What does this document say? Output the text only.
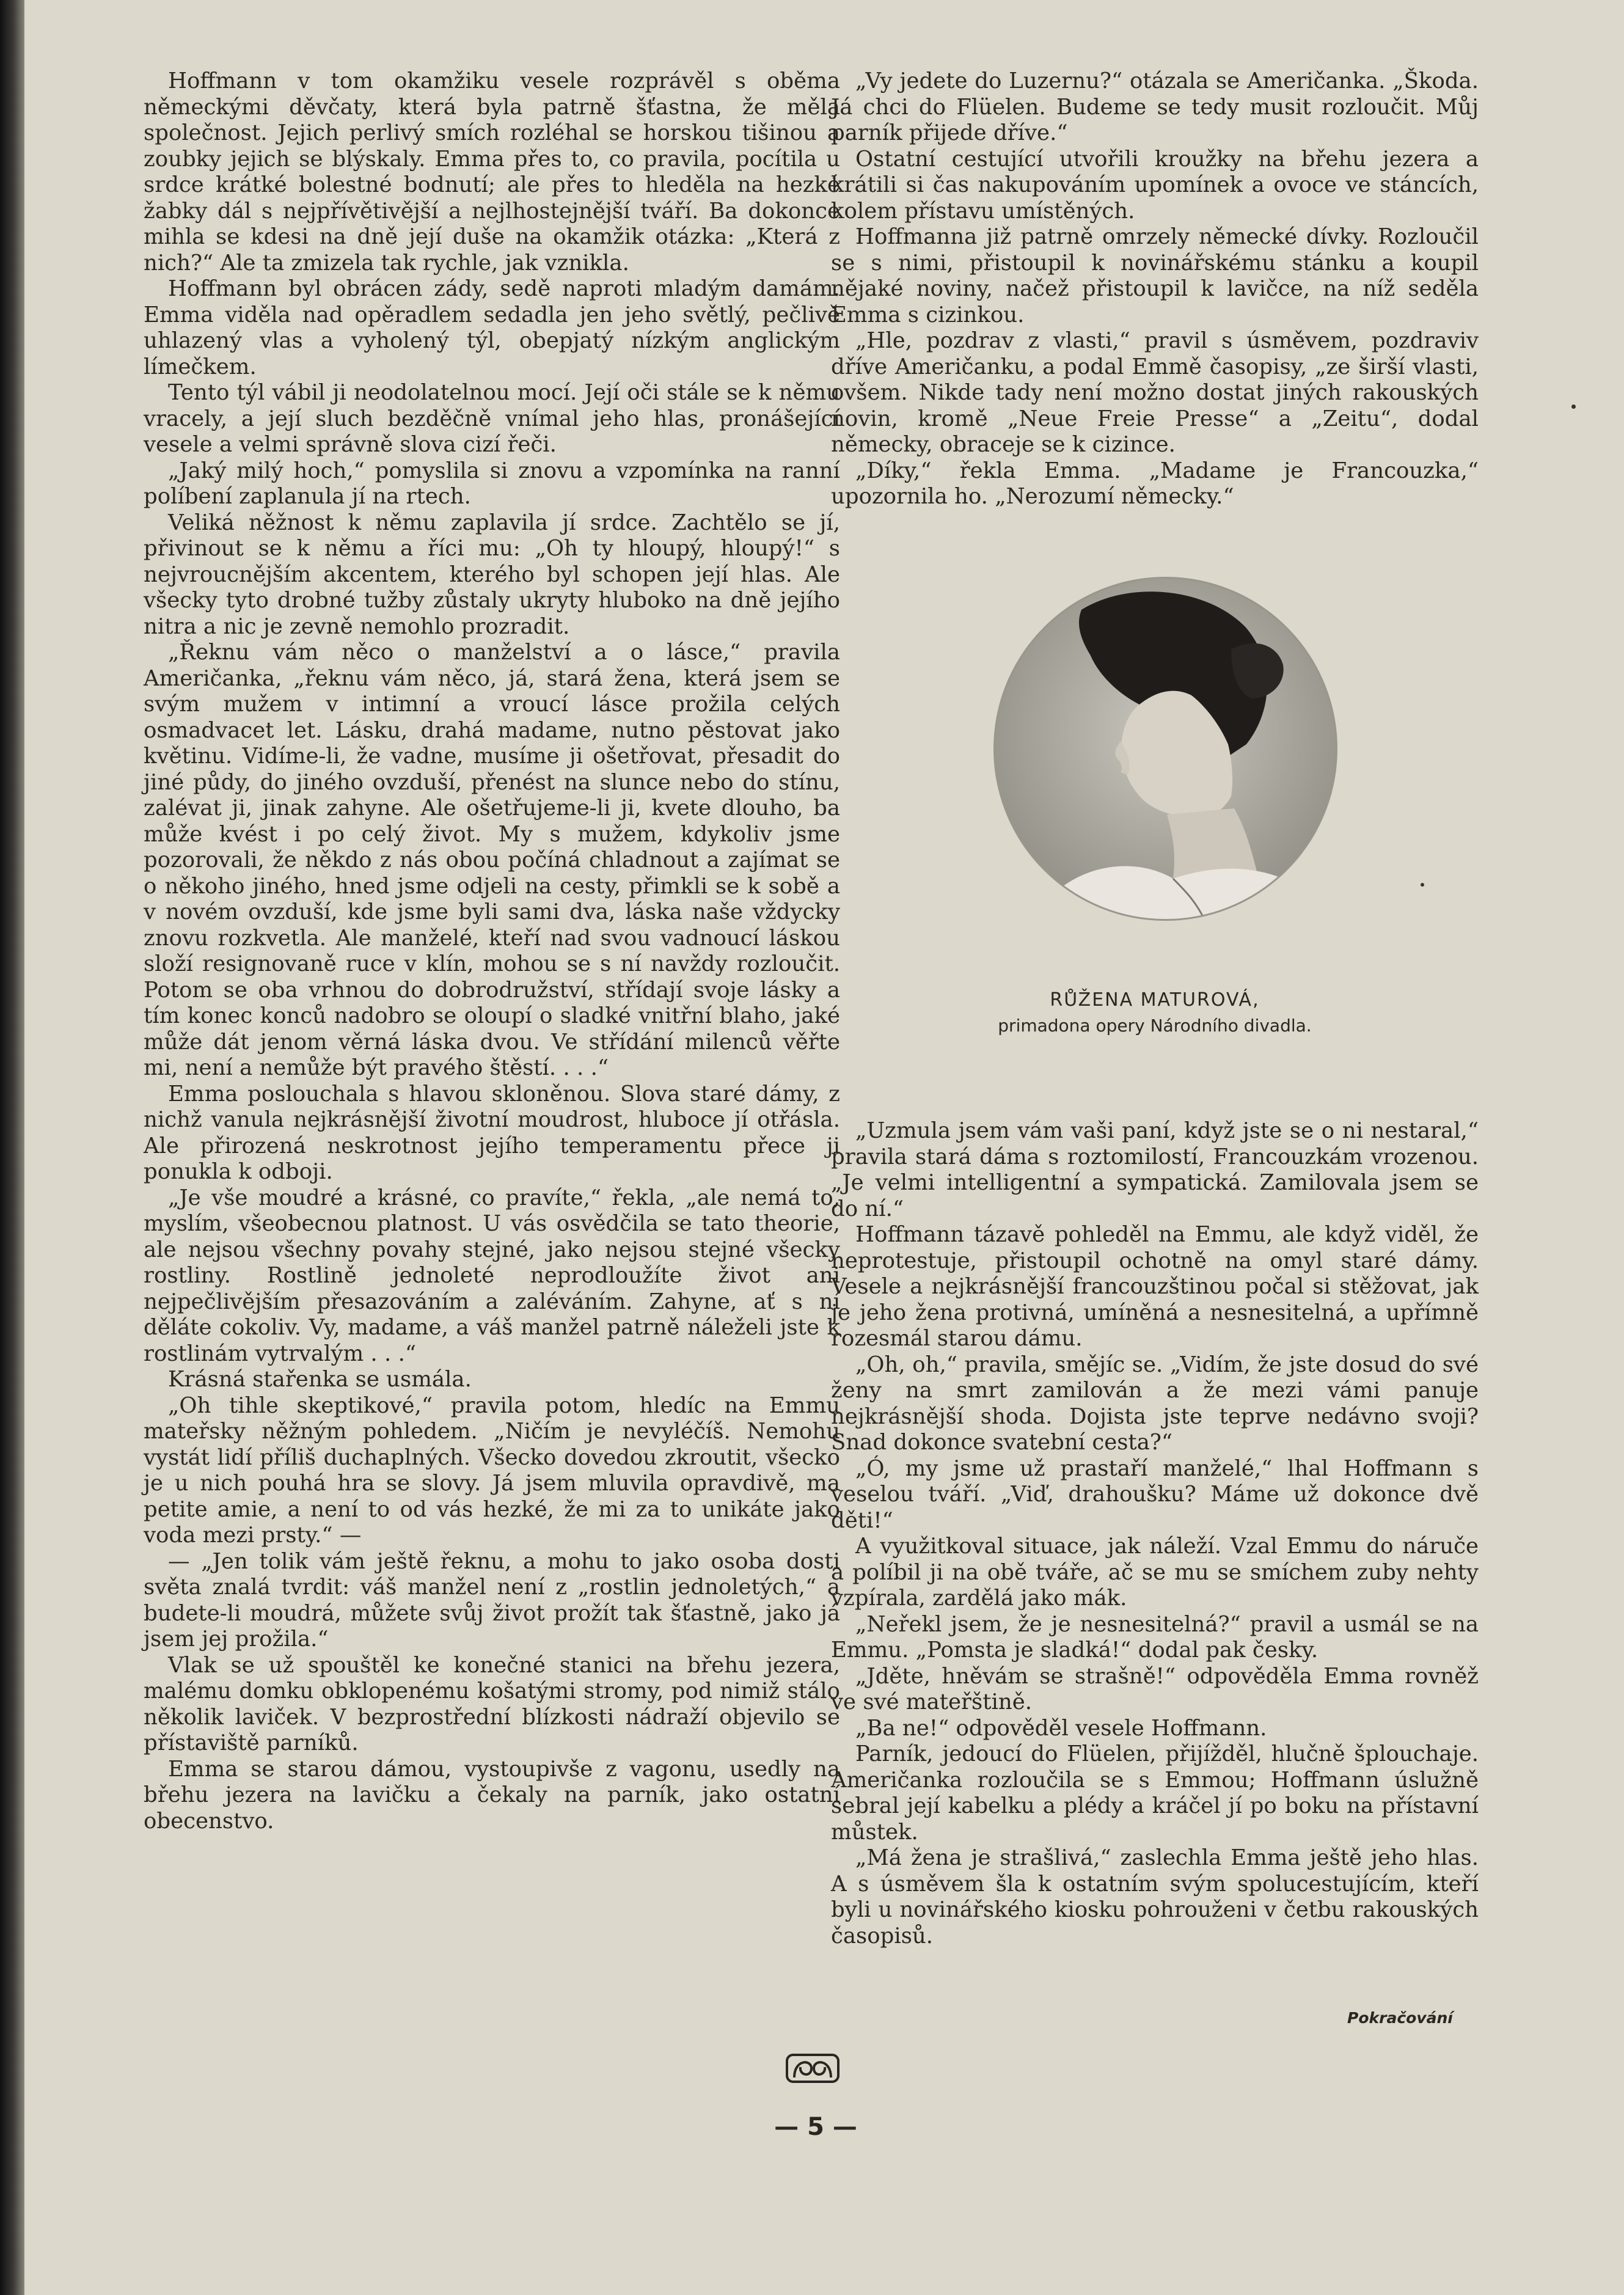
Hoffmann v tom okamžiku vesele rozprávěl s oběma německými děvčaty, která byla patrně šťastna, že měla společnost. Jejich perlivý smích rozléhal se horskou tišinou a zoubky jejich se blýskaly. Emma přes to, co pravila, pocítila u srdce krátké bolestné bodnutí; ale přes to hleděla na hezké žabky dál s nejpřívětivější a nejlhostejnější tváří. Ba dokonce mihla se kdesi na dně její duše na okamžik otázka: „Která z nich?“ Ale ta zmizela tak rychle, jak vznikla.

Hoffmann byl obrácen zády, sedě naproti mladým damám. Emma viděla nad opěradlem sedadla jen jeho světlý, pečlivě uhlazený vlas a vyholený týl, obepjatý nízkým anglickým límečkem.

Tento týl vábil ji neodolatelnou mocí. Její oči stále se k němu vracely, a její sluch bezděčně vnímal jeho hlas, pronášející vesele a velmi správně slova cizí řeči.

„Jaký milý hoch,“ pomyslila si znovu a vzpomínka na ranní políbení zaplanula jí na rtech.

Veliká něžnost k němu zaplavila jí srdce. Zachtělo se jí, přivinout se k němu a říci mu: „Oh ty hloupý, hloupý!“ s nejvroucnějším akcentem, kterého byl schopen její hlas. Ale všecky tyto drobné tužby zůstaly ukryty hluboko na dně jejího nitra a nic je zevně nemohlo prozradit.

„Řeknu vám něco o manželství a o lásce,“ pravila Američanka, „řeknu vám něco, já, stará žena, která jsem se svým mužem v intimní a vroucí lásce prožila celých osmadvacet let. Lásku, drahá madame, nutno pěstovat jako květinu. Vidíme-li, že vadne, musíme ji ošetřovat, přesadit do jiné půdy, do jiného ovzduší, přenést na slunce nebo do stínu, zalévat ji, jinak zahyne. Ale ošetřujeme-li ji, kvete dlouho, ba může kvést i po celý život. My s mužem, kdykoliv jsme pozorovali, že někdo z nás obou počíná chladnout a zajímat se o někoho jiného, hned jsme odjeli na cesty, přimkli se k sobě a v novém ovzduší, kde jsme byli sami dva, láska naše vždycky znovu rozkvetla. Ale manželé, kteří nad svou vadnoucí láskou složí resignovaně ruce v klín, mohou se s ní navždy rozloučit. Potom se oba vrhnou do dobrodružství, střídají svoje lásky a tím konec konců nadobro se oloupí o sladké vnitřní blaho, jaké může dát jenom věrná láska dvou. Ve střídání milenců věřte mi, není a nemůže být pravého štěstí. . . .“

Emma poslouchala s hlavou skloněnou. Slova staré dámy, z nichž vanula nejkrásnější životní moudrost, hluboce jí otřásla. Ale přirozená neskrotnost jejího temperamentu přece ji ponukla k odboji.

„Je vše moudré a krásné, co pravíte,“ řekla, „ale nemá to, myslím, všeobecnou platnost. U vás osvědčila se tato theorie, ale nejsou všechny povahy stejné, jako nejsou stejné všecky rostliny. Rostlině jednoleté neprodloužíte život ani nejpečlivějším přesazováním a zaléváním. Zahyne, ať s ní děláte cokoliv. Vy, madame, a váš manžel patrně náleželi jste k rostlinám vytrvalým . . .“

Krásná stařenka se usmála.

„Oh tihle skeptikové,“ pravila potom, hledíc na Emmu mateřsky něžným pohledem. „Ničím je nevyléčíš. Nemohu vystát lidí příliš duchaplných. Všecko dovedou zkroutit, všecko je u nich pouhá hra se slovy. Já jsem mluvila opravdivě, ma petite amie, a není to od vás hezké, že mi za to unikáte jako voda mezi prsty.“ —

— „Jen tolik vám ještě řeknu, a mohu to jako osoba dosti světa znalá tvrdit: váš manžel není z „rostlin jednoletých,“ a budete-li moudrá, můžete svůj život prožít tak šťastně, jako já jsem jej prožila.“

Vlak se už spouštěl ke konečné stanici na břehu jezera, malému domku obklopenému košatými stromy, pod nimiž stálo několik laviček. V bezprostřední blízkosti nádraží objevilo se přístaviště parníků.

Emma se starou dámou, vystoupivše z vagonu, usedly na břehu jezera na lavičku a čekaly na parník, jako ostatní obecenstvo.

„Vy jedete do Luzernu?“ otázala se Američanka. „Škoda. Já chci do Flüelen. Budeme se tedy musit rozloučit. Můj parník přijede dříve.“

Ostatní cestující utvořili kroužky na břehu jezera a krátili si čas nakupováním upomínek a ovoce ve stáncích, kolem přístavu umístěných.

Hoffmanna již patrně omrzely německé dívky. Rozloučil se s nimi, přistoupil k novinářskému stánku a koupil nějaké noviny, načež přistoupil k lavičce, na níž seděla Emma s cizinkou.

„Hle, pozdrav z vlasti,“ pravil s úsměvem, pozdraviv dříve Američanku, a podal Emmě časopisy, „ze širší vlasti, ovšem. Nikde tady není možno dostat jiných rakouských novin, kromě „Neue Freie Presse“ a „Zeitu“, dodal německy, obraceje se k cizince.

„Díky,“ řekla Emma. „Madame je Francouzka,“ upozornila ho. „Nerozumí německy.“

RŮŽENA MATUROVÁ,
primadona opery Národního divadla.

„Uzmula jsem vám vaši paní, když jste se o ni nestaral,“ pravila stará dáma s roztomilostí, Francouzkám vrozenou. „Je velmi intelligentní a sympatická. Zamilovala jsem se do ní.“

Hoffmann tázavě pohleděl na Emmu, ale když viděl, že neprotestuje, přistoupil ochotně na omyl staré dámy. Vesele a nejkrásnější francouzštinou počal si stěžovat, jak je jeho žena protivná, umíněná a nesnesitelná, a upřímně rozesmál starou dámu.

„Oh, oh,“ pravila, smějíc se. „Vidím, že jste dosud do své ženy na smrt zamilován a že mezi vámi panuje nejkrásnější shoda. Dojista jste teprve nedávno svoji? Snad dokonce svatební cesta?“

„Ó, my jsme už prastaří manželé,“ lhal Hoffmann s veselou tváří. „Viď, drahoušku? Máme už dokonce dvě děti!“

A využitkoval situace, jak náleží. Vzal Emmu do náruče a políbil ji na obě tváře, ač se mu se smíchem zuby nehty vzpírala, zardělá jako mák.

„Neřekl jsem, že je nesnesitelná?“ pravil a usmál se na Emmu. „Pomsta je sladká!“ dodal pak česky.

„Jděte, hněvám se strašně!“ odpověděla Emma rovněž ve své mateřštině.

„Ba ne!“ odpověděl vesele Hoffmann.

Parník, jedoucí do Flüelen, přijížděl, hlučně šplouchaje. Američanka rozloučila se s Emmou; Hoffmann úslužně sebral její kabelku a plédy a kráčel jí po boku na přístavní můstek.

„Má žena je strašlivá,“ zaslechla Emma ještě jeho hlas. A s úsměvem šla k ostatním svým spolucestujícím, kteří byli u novinářského kiosku pohrouženi v četbu rakouských časopisů.

Pokračování
— 5 —
